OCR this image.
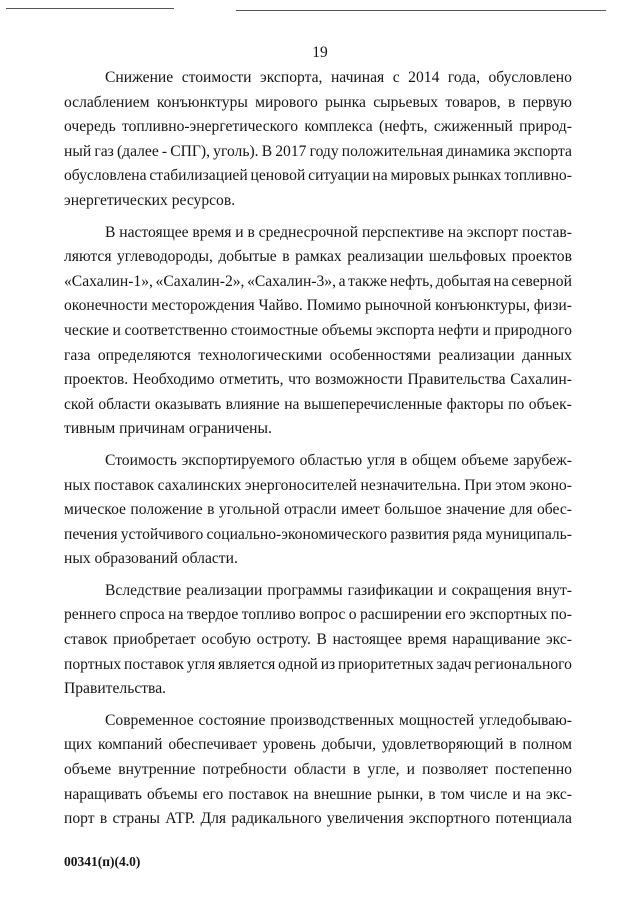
19
Снижение стоимости экспорта, начиная с 2014 года, обусловлено
ослаблением конъюнктуры мирового рынка сырьевых товаров, в первую
очередь топливно-энергетического комплекса (нефть, сжиженный природ-
ный газ (далее - СПГ), уголь). В 2017 году положительная динамика экспорта
обусловлена стабилизацией ценовой ситуации на мировых рынках топливно-
энергетических ресурсов.
В настоящее время и в среднесрочной перспективе на экспорт постав-
ляются углеводороды, добытые в рамках реализации шельфовых проектов
«Сахалин-1», «Сахалин-2», «Сахалин-3», а также нефть, добытая на северной
оконечности месторождения Чайво. Помимо рыночной конъюнктуры, физи-
ческие и соответственно стоимостные объемы экспорта нефти и природного
газа определяются технологическими особенностями реализации данных
проектов. Необходимо отметить, что возможности Правительства Сахалин-
ской области оказывать влияние на вышеперечисленные факторы по объек-
тивным причинам ограничены.
Стоимость экспортируемого областью угля в общем объеме зарубеж-
ных поставок сахалинских энергоносителей незначительна. При этом эконо-
мическое положение в угольной отрасли имеет большое значение для обес-
печения устойчивого социально-экономического развития ряда муниципаль-
ных образований области.
Вследствие реализации программы газификации и сокращения внут-
реннего спроса на твердое топливо вопрос о расширении его экспортных по-
ставок приобретает особую остроту. В настоящее время наращивание экс-
портных поставок угля является одной из приоритетных задач регионального
Правительства.
Современное состояние производственных мощностей угледобываю-
щих компаний обеспечивает уровень добычи, удовлетворяющий в полном
объеме внутренние потребности области в угле, и позволяет постепенно
наращивать объемы его поставок на внешние рынки, в том числе и на экс-
порт в страны АТР. Для радикального увеличения экспортного потенциала
00341(п)(4.0)
